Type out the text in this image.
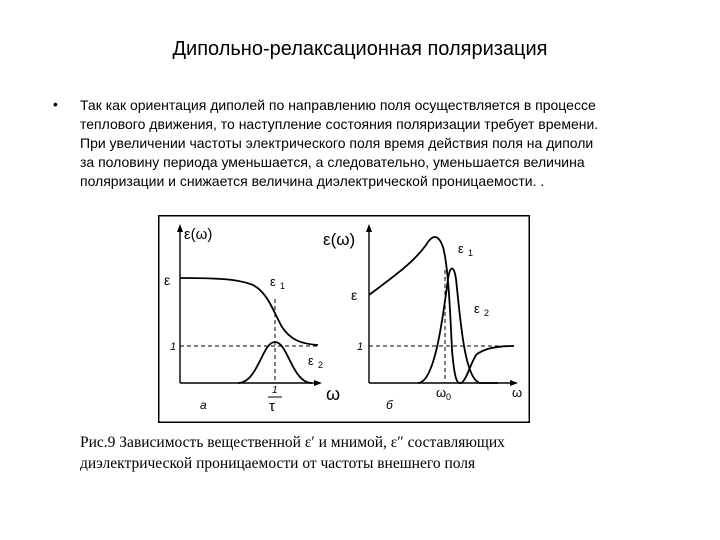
Дипольно-релаксационная поляризация
• Так как ориентация диполей по направлению поля осуществляется в процессе
теплового движения, то наступление состояния поляризации требует времени.
При увеличении частоты электрического поля время действия поля на диполи
за половину периода уменьшается, а следовательно, уменьшается величина
поляризации и снижается величина диэлектрической проницаемости. .
ε(ω)
ε
1
ε 1
ε 2
1
τ
ω
а
ε(ω)
ε
1
ε 1
ε 2
ω 0	ω
б
Рис.9 Зависимость вещественной ε′ и мнимой, ε″ составляющих
диэлектрической проницаемости от частоты внешнего поля
